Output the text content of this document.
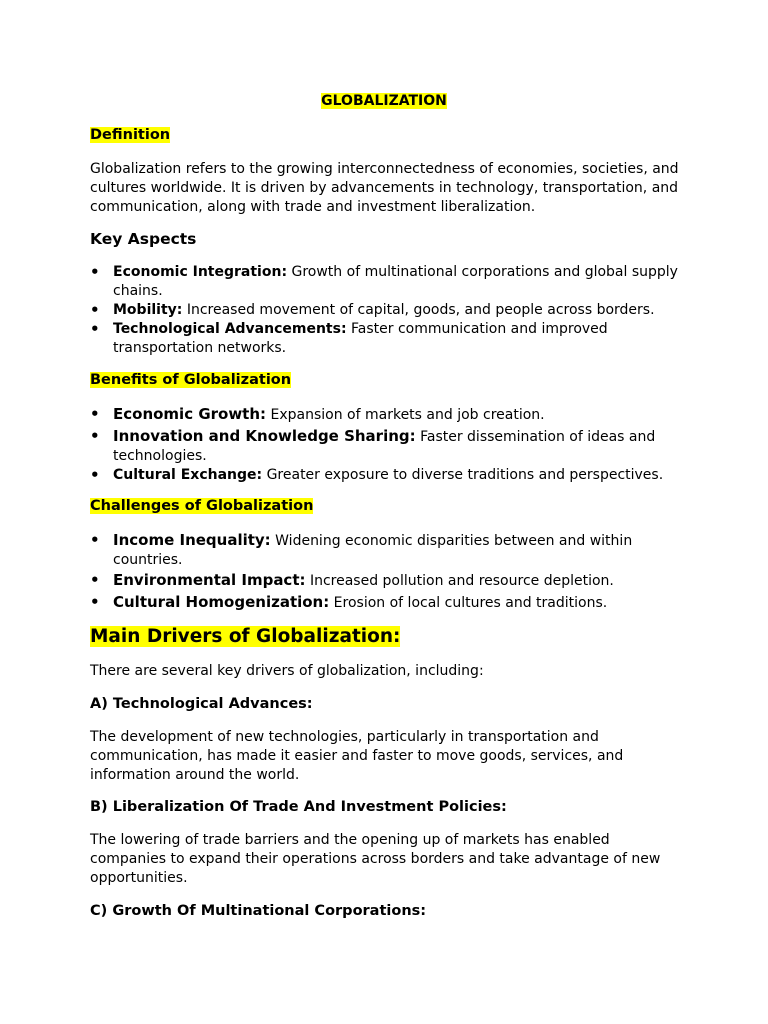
GLOBALIZATION
Definition

Globalization refers to the growing interconnectedness of economies, societies, and cultures worldwide. It is driven by advancements in technology, transportation, and communication, along with trade and investment liberalization.

Key Aspects
• Economic Integration: Growth of multinational corporations and global supply chains.
• Mobility: Increased movement of capital, goods, and people across borders.
• Technological Advancements: Faster communication and improved transportation networks.
Benefits of Globalization
• Economic Growth: Expansion of markets and job creation.
• Innovation and Knowledge Sharing: Faster dissemination of ideas and technologies.
• Cultural Exchange: Greater exposure to diverse traditions and perspectives.
Challenges of Globalization
• Income Inequality: Widening economic disparities between and within countries.
• Environmental Impact: Increased pollution and resource depletion.
• Cultural Homogenization: Erosion of local cultures and traditions.
Main Drivers of Globalization:

There are several key drivers of globalization, including:

A) Technological Advances:

The development of new technologies, particularly in transportation and communication, has made it easier and faster to move goods, services, and information around the world.

B) Liberalization Of Trade And Investment Policies:

The lowering of trade barriers and the opening up of markets has enabled companies to expand their operations across borders and take advantage of new opportunities.

C) Growth Of Multinational Corporations:
